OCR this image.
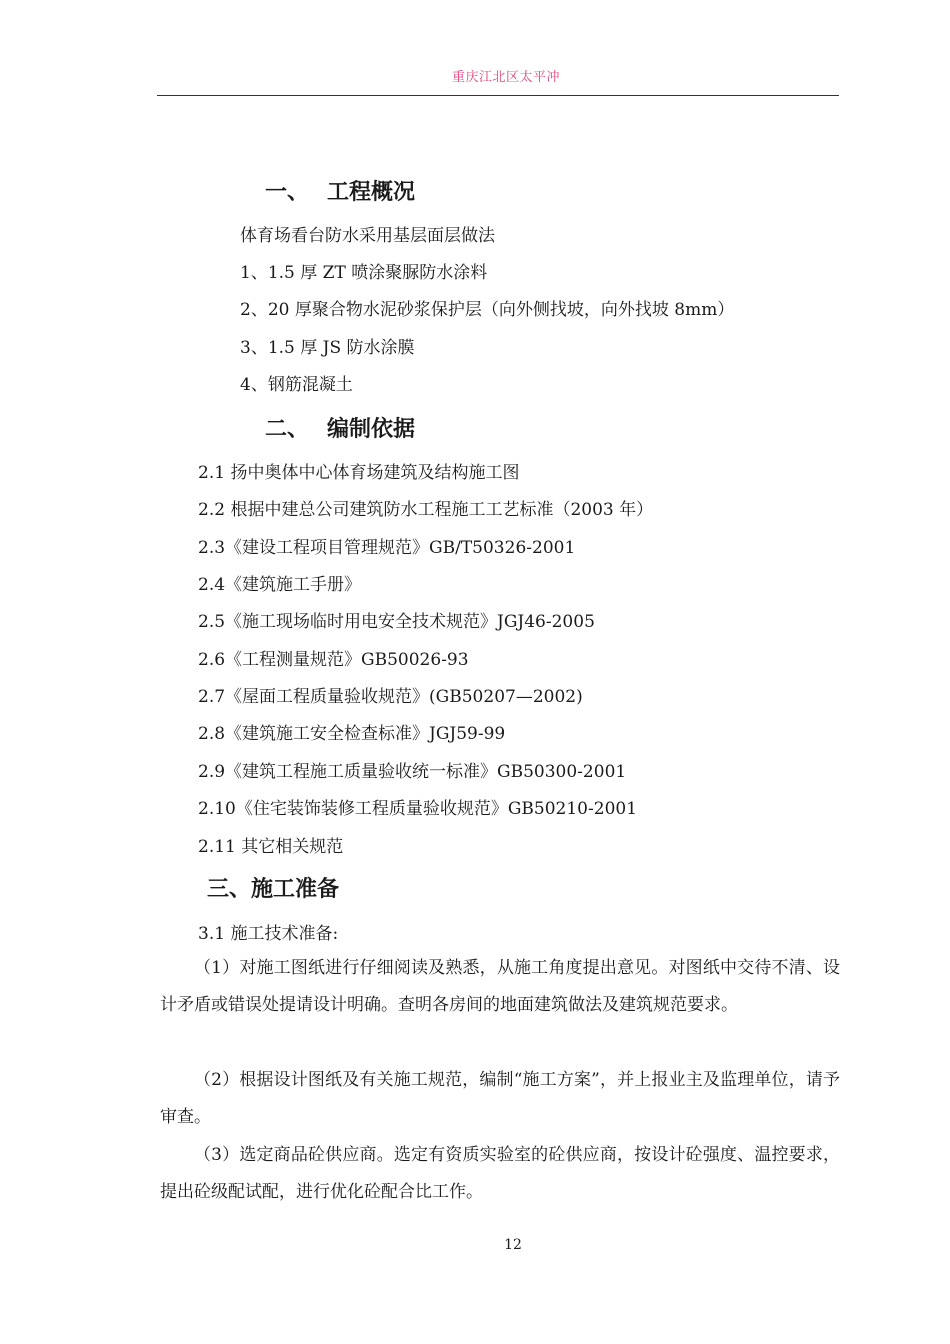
重庆江北区太平冲
一、 工程概况
体育场看台防水采用基层面层做法
1、1.5 厚 ZT 喷涂聚脲防水涂料
2、20 厚聚合物水泥砂浆保护层（向外侧找坡，向外找坡 8mm）
3、1.5 厚 JS 防水涂膜
4、钢筋混凝土
二、 编制依据
2.1 扬中奥体中心体育场建筑及结构施工图
2.2 根据中建总公司建筑防水工程施工工艺标准（2003 年）
2.3《建设工程项目管理规范》GB/T50326-2001
2.4《建筑施工手册》
2.5《施工现场临时用电安全技术规范》JGJ46-2005
2.6《工程测量规范》GB50026-93
2.7《屋面工程质量验收规范》(GB50207—2002)
2.8《建筑施工安全检查标准》JGJ59-99
2.9《建筑工程施工质量验收统一标准》GB50300-2001
2.10《住宅装饰装修工程质量验收规范》GB50210-2001
2.11 其它相关规范
三、施工准备
3.1 施工技术准备:
（1）对施工图纸进行仔细阅读及熟悉，从施工角度提出意见。对图纸中交待不清、设计矛盾或错误处提请设计明确。查明各房间的地面建筑做法及建筑规范要求。
（2）根据设计图纸及有关施工规范，编制“施工方案”，并上报业主及监理单位，请予审查。
（3）选定商品砼供应商。选定有资质实验室的砼供应商，按设计砼强度、温控要求，提出砼级配试配，进行优化砼配合比工作。
12
